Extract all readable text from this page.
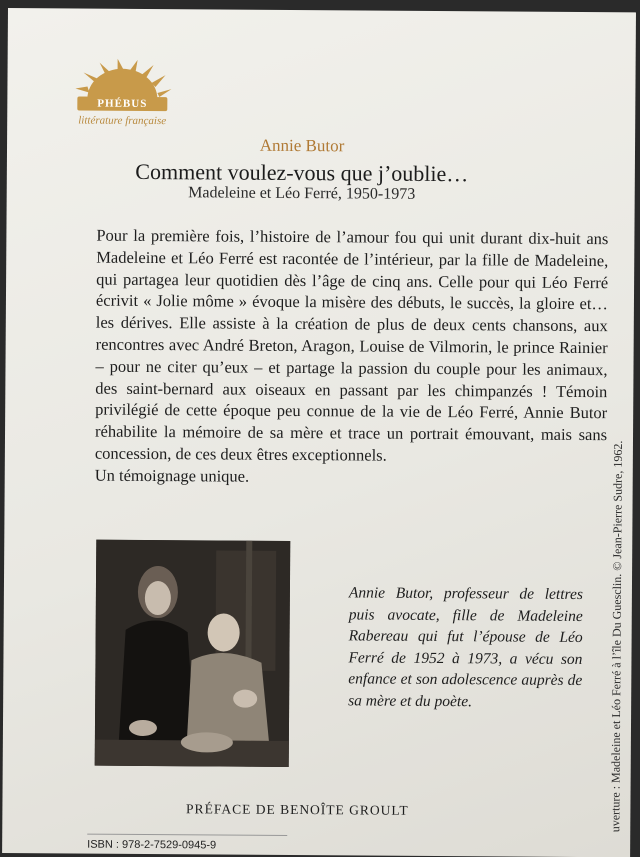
PHÉBUS
littérature française
Annie Butor
Comment voulez-vous que j’oublie…
Madeleine et Léo Ferré, 1950-1973

Pour la première fois, l’histoire de l’amour fou qui unit durant dix-huit ans Madeleine et Léo Ferré est racontée de l’intérieur, par la fille de Madeleine, qui partagea leur quotidien dès l’âge de cinq ans. Celle pour qui Léo Ferré écrivit « Jolie môme » évoque la misère des débuts, le succès, la gloire et… les dérives. Elle assiste à la création de plus de deux cents chansons, aux rencontres avec André Breton, Aragon, Louise de Vilmorin, le prince Rainier – pour ne citer qu’eux – et partage la passion du couple pour les animaux, des saint-bernard aux oiseaux en passant par les chimpanzés ! Témoin privilégié de cette époque peu connue de la vie de Léo Ferré, Annie Butor réhabilite la mémoire de sa mère et trace un portrait émouvant, mais sans concession, de ces deux êtres exceptionnels.

Un témoignage unique.

Annie Butor, professeur de lettres puis avocate, fille de Madeleine Rabereau qui fut l’épouse de Léo Ferré de 1952 à 1973, a vécu son enfance et son adolescence auprès de sa mère et du poète.
PRÉFACE DE BENOÎTE GROULT
ISBN : 978-2-7529-0945-9
uverture : Madeleine et Léo Ferré à l’île Du Guesclin. © Jean-Pierre Sudre, 1962.
